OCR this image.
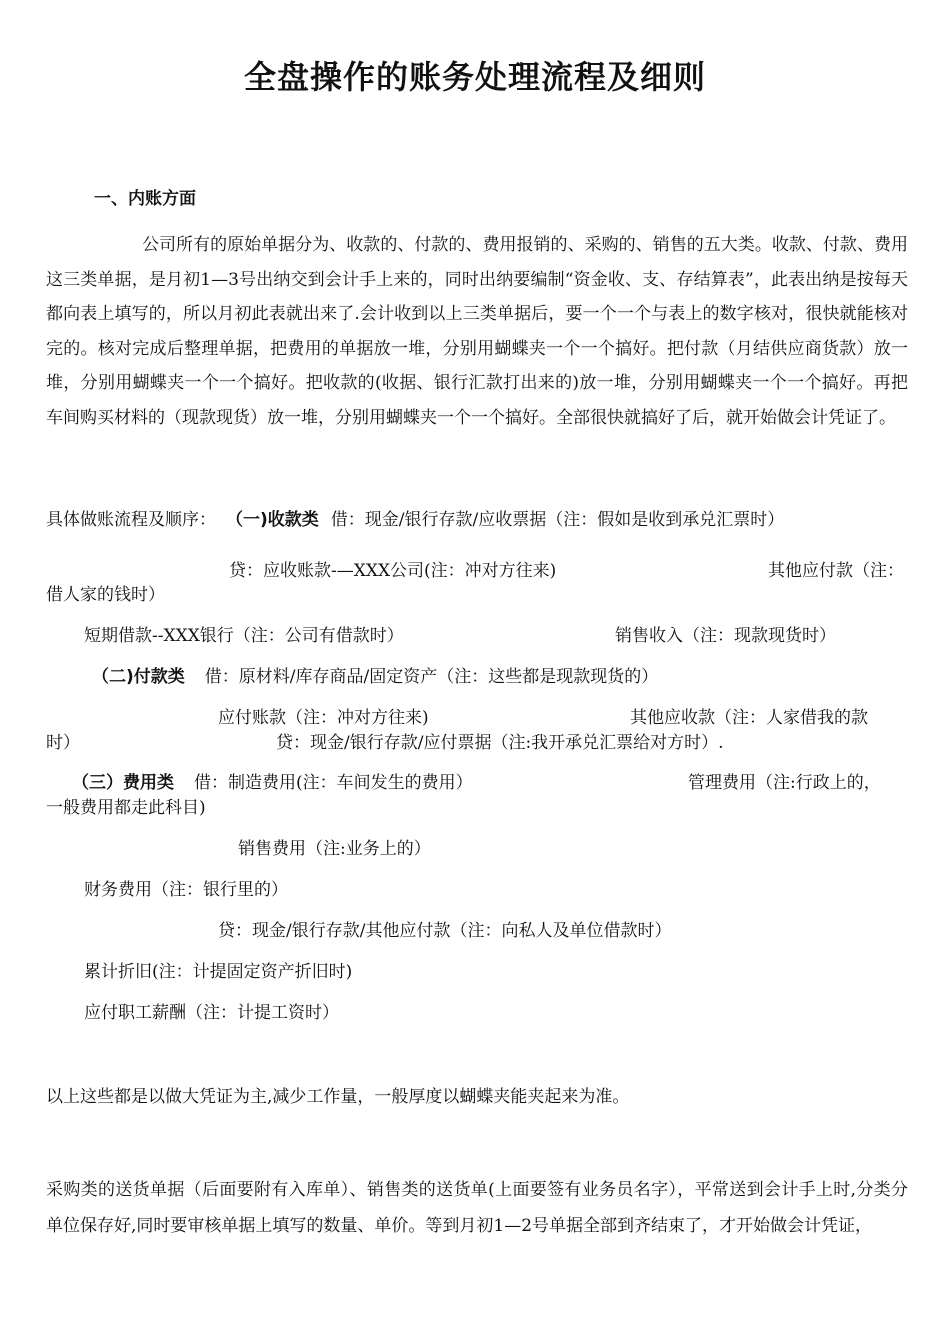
全盘操作的账务处理流程及细则
一、内账方面

公司所有的原始单据分为、收款的、付款的、费用报销的、采购的、销售的五大类。收款、付款、费用这三类单据，是月初1—3号出纳交到会计手上来的，同时出纳要编制“资金收、支、存结算表”，此表出纳是按每天都向表上填写的，所以月初此表就出来了.会计收到以上三类单据后，要一个一个与表上的数字核对，很快就能核对完的。核对完成后整理单据，把费用的单据放一堆，分别用蝴蝶夹一个一个搞好。把付款（月结供应商货款）放一堆，分别用蝴蝶夹一个一个搞好。把收款的(收据、银行汇款打出来的)放一堆，分别用蝴蝶夹一个一个搞好。再把车间购买材料的（现款现货）放一堆，分别用蝴蝶夹一个一个搞好。全部很快就搞好了后，就开始做会计凭证了。

具体做账流程及顺序： （一)收款类 借：现金/银行存款/应收票据（注：假如是收到承兑汇票时）
贷：应收账款-—XXX公司(注：冲对方往来)	其他应付款（注：
借人家的钱时）
短期借款--XXX银行（注：公司有借款时）	销售收入（注：现款现货时）
（二)付款类 借：原材料/库存商品/固定资产（注：这些都是现款现货的）
应付账款（注：冲对方往来)	其他应收款（注：人家借我的款
时）	贷：现金/银行存款/应付票据（注:我开承兑汇票给对方时）.
（三）费用类 借：制造费用(注：车间发生的费用）	管理费用（注:行政上的，
一般费用都走此科目)
销售费用（注:业务上的）
财务费用（注：银行里的）
贷：现金/银行存款/其他应付款（注：向私人及单位借款时）
累计折旧(注：计提固定资产折旧时)
应付职工薪酬（注：计提工资时）
以上这些都是以做大凭证为主,减少工作量，一般厚度以蝴蝶夹能夹起来为准。

采购类的送货单据（后面要附有入库单）、销售类的送货单(上面要签有业务员名字），平常送到会计手上时,分类分单位保存好,同时要审核单据上填写的数量、单价。等到月初1—2号单据全部到齐结束了，才开始做会计凭证，
